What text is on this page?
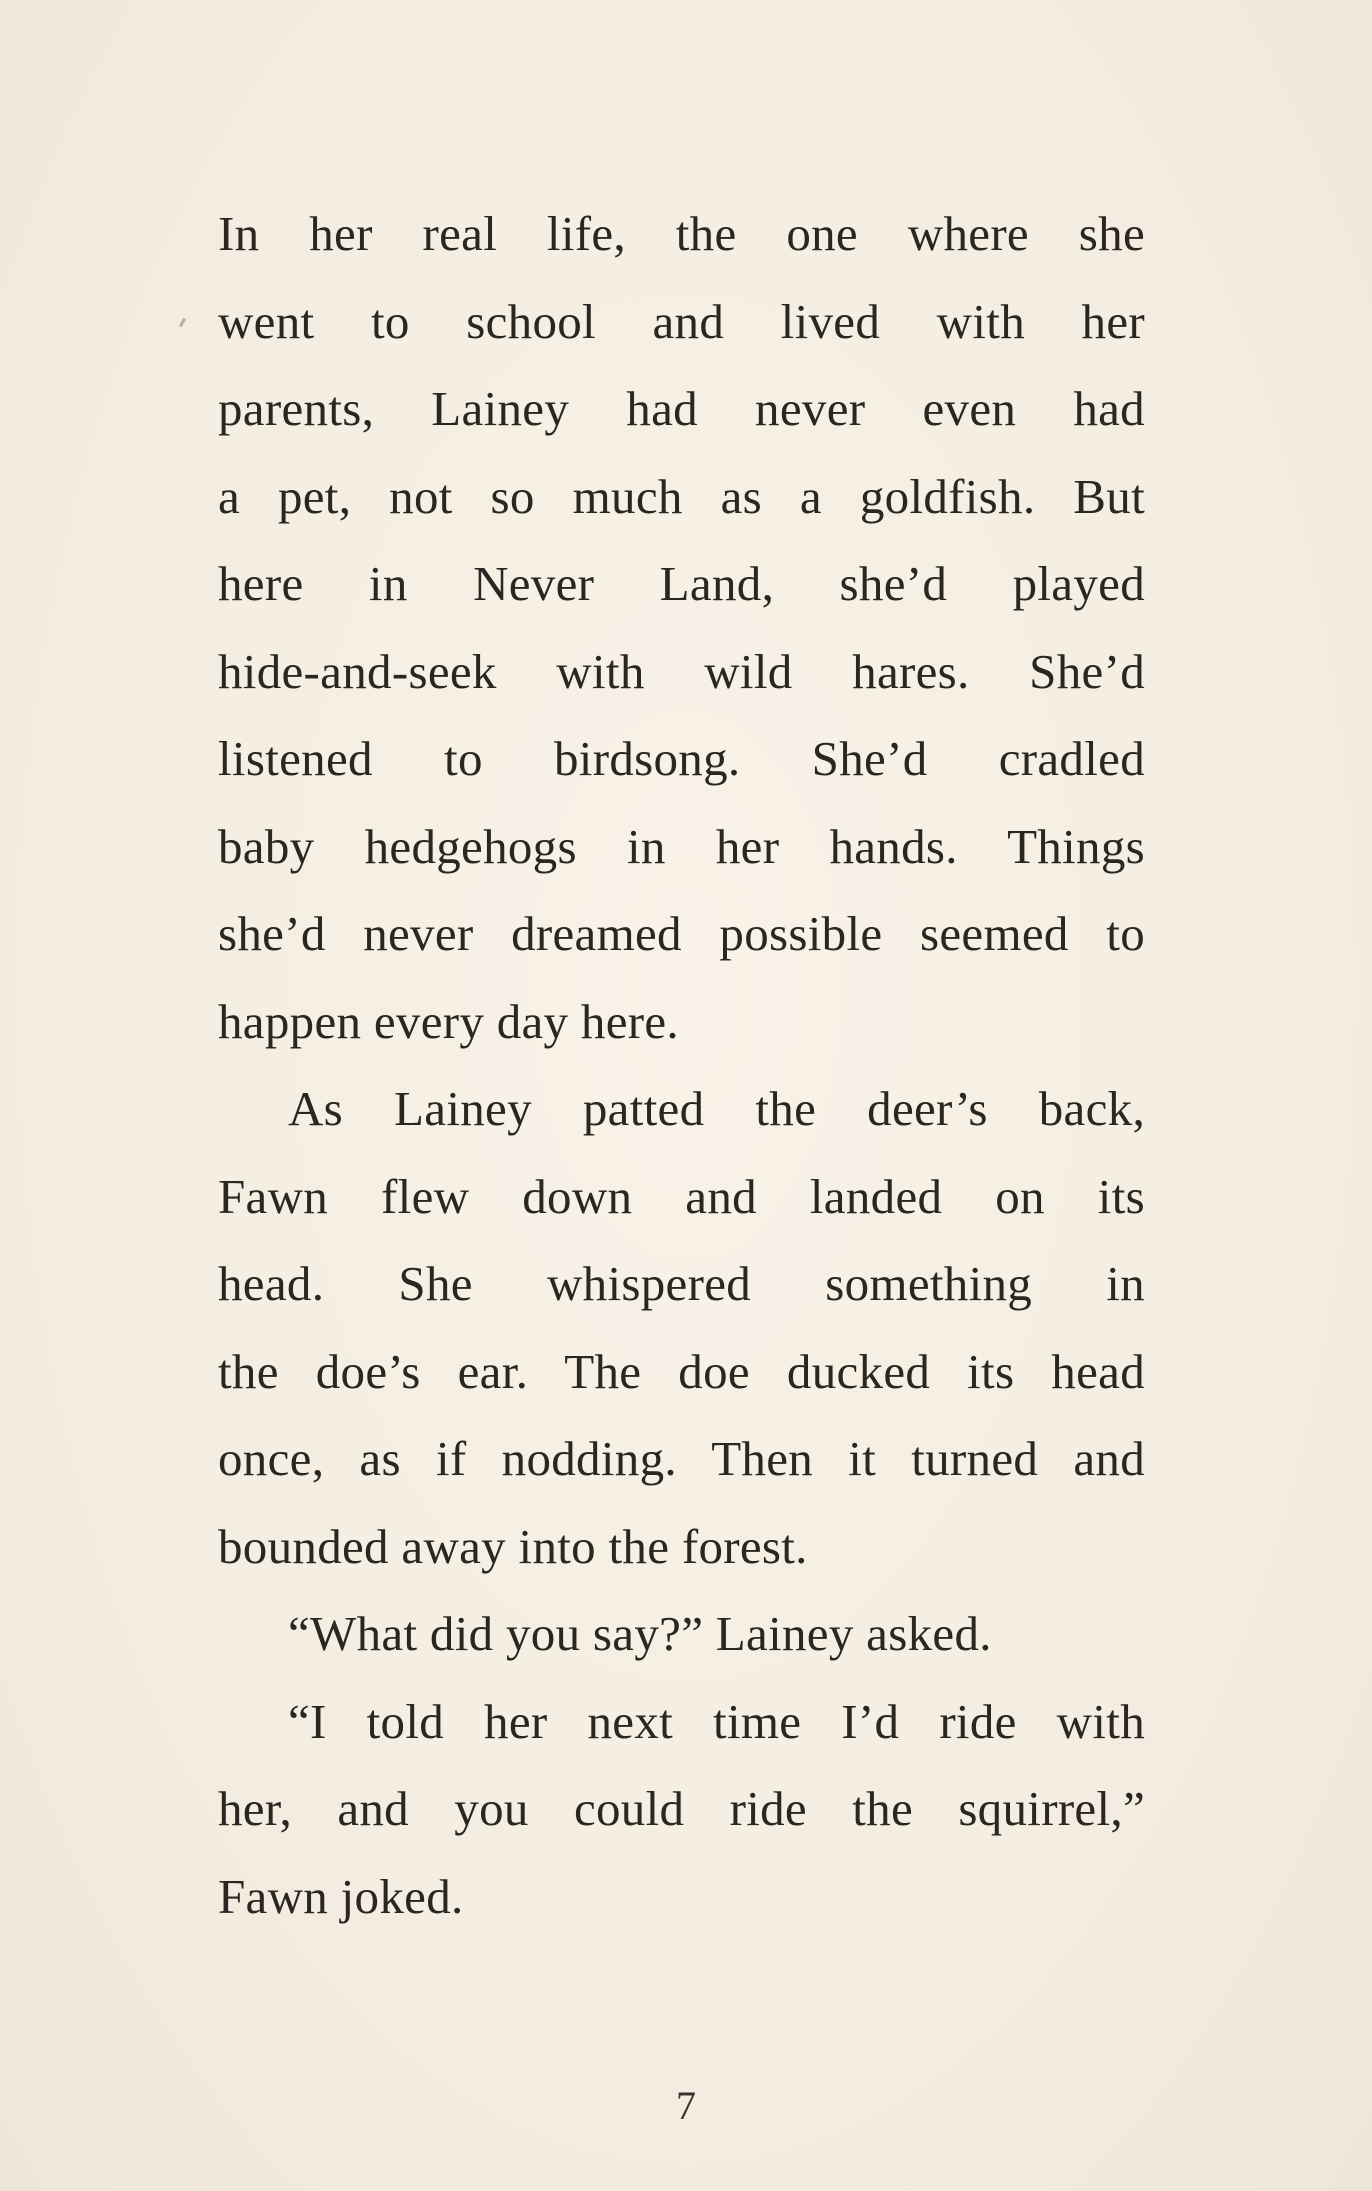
In her real life, the one where she
went to school and lived with her
parents, Lainey had never even had
a pet, not so much as a goldfish. But
here in Never Land, she’d played
hide-and-seek with wild hares. She’d
listened to birdsong. She’d cradled
baby hedgehogs in her hands. Things
she’d never dreamed possible seemed to
happen every day here.

As Lainey patted the deer’s back,
Fawn flew down and landed on its
head. She whispered something in
the doe’s ear. The doe ducked its head
once, as if nodding. Then it turned and
bounded away into the forest.

“What did you say?” Lainey asked.

“I told her next time I’d ride with
her, and you could ride the squirrel,”
Fawn joked.

7
